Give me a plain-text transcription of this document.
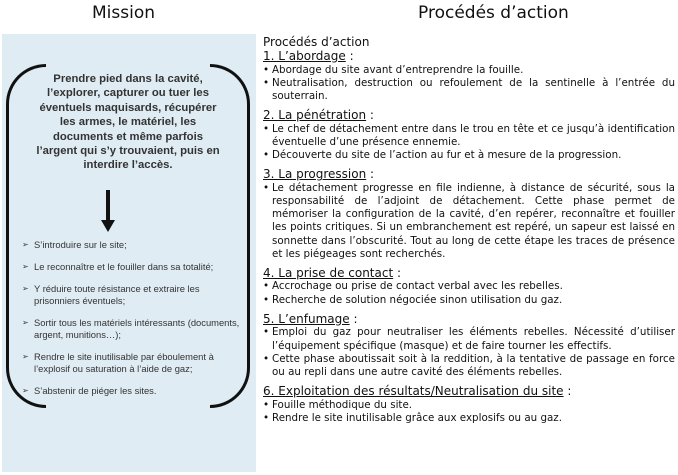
Mission	Procédés d’action
Prendre pied dans la cavité, l’explorer, capturer ou tuer les éventuels maquisards, récupérer les armes, le matériel, les documents et même parfois l’argent qui s’y trouvaient, puis en interdire l’accès.
➢ S’introduire sur le site;
➢ Le reconnaître et le fouiller dans sa totalité;
➢ Y réduire toute résistance et extraire les prisonniers éventuels;
➢ Sortir tous les matériels intéressants (documents, argent, munitions…);
➢ Rendre le site inutilisable par éboulement à l’explosif ou saturation à l’aide de gaz;
➢ S’abstenir de piéger les sites.
Procédés d’action
1. L’abordage :
• Abordage du site avant d’entreprendre la fouille.
• Neutralisation, destruction ou refoulement de la sentinelle à l’entrée du souterrain.
2. La pénétration :
• Le chef de détachement entre dans le trou en tête et ce jusqu’à identification éventuelle d’une présence ennemie.
• Découverte du site de l’action au fur et à mesure de la progression.
3. La progression :
• Le détachement progresse en file indienne, à distance de sécurité, sous la responsabilité de l’adjoint de détachement. Cette phase permet de mémoriser la configuration de la cavité, d’en repérer, reconnaître et fouiller les points critiques. Si un embranchement est repéré, un sapeur est laissé en sonnette dans l’obscurité. Tout au long de cette étape les traces de présence et les piégeages sont recherchés.
4. La prise de contact :
• Accrochage ou prise de contact verbal avec les rebelles.
• Recherche de solution négociée sinon utilisation du gaz.
5. L’enfumage :
• Emploi du gaz pour neutraliser les éléments rebelles. Nécessité d’utiliser l’équipement spécifique (masque) et de faire tourner les effectifs.
• Cette phase aboutissait soit à la reddition, à la tentative de passage en force ou au repli dans une autre cavité des éléments rebelles.
6. Exploitation des résultats/Neutralisation du site :
• Fouille méthodique du site.
• Rendre le site inutilisable grâce aux explosifs ou au gaz.
